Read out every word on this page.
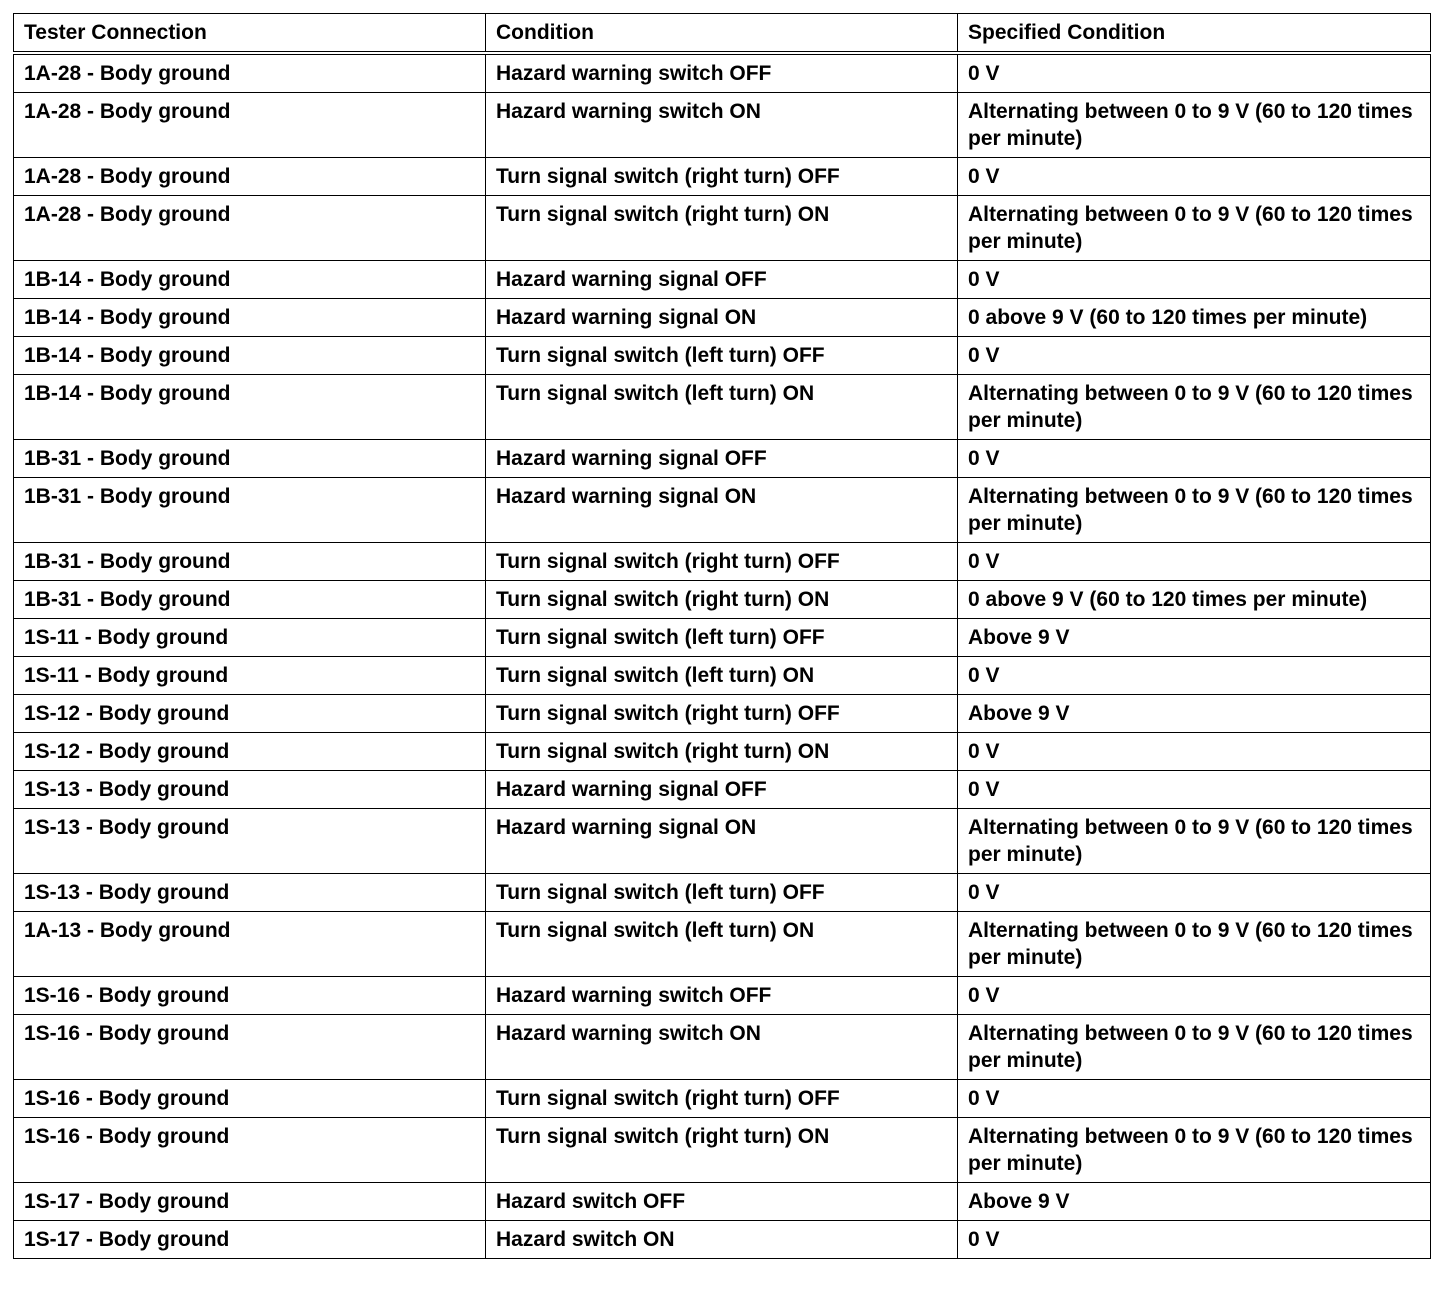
Tester Connection	Condition	Specified Condition
1A-28 - Body ground	Hazard warning switch OFF	0 V
1A-28 - Body ground	Hazard warning switch ON	Alternating between 0 to 9 V (60 to 120 times per minute)
1A-28 - Body ground	Turn signal switch (right turn) OFF	0 V
1A-28 - Body ground	Turn signal switch (right turn) ON	Alternating between 0 to 9 V (60 to 120 times per minute)
1B-14 - Body ground	Hazard warning signal OFF	0 V
1B-14 - Body ground	Hazard warning signal ON	0 above 9 V (60 to 120 times per minute)
1B-14 - Body ground	Turn signal switch (left turn) OFF	0 V
1B-14 - Body ground	Turn signal switch (left turn) ON	Alternating between 0 to 9 V (60 to 120 times per minute)
1B-31 - Body ground	Hazard warning signal OFF	0 V
1B-31 - Body ground	Hazard warning signal ON	Alternating between 0 to 9 V (60 to 120 times per minute)
1B-31 - Body ground	Turn signal switch (right turn) OFF	0 V
1B-31 - Body ground	Turn signal switch (right turn) ON	0 above 9 V (60 to 120 times per minute)
1S-11 - Body ground	Turn signal switch (left turn) OFF	Above 9 V
1S-11 - Body ground	Turn signal switch (left turn) ON	0 V
1S-12 - Body ground	Turn signal switch (right turn) OFF	Above 9 V
1S-12 - Body ground	Turn signal switch (right turn) ON	0 V
1S-13 - Body ground	Hazard warning signal OFF	0 V
1S-13 - Body ground	Hazard warning signal ON	Alternating between 0 to 9 V (60 to 120 times per minute)
1S-13 - Body ground	Turn signal switch (left turn) OFF	0 V
1A-13 - Body ground	Turn signal switch (left turn) ON	Alternating between 0 to 9 V (60 to 120 times per minute)
1S-16 - Body ground	Hazard warning switch OFF	0 V
1S-16 - Body ground	Hazard warning switch ON	Alternating between 0 to 9 V (60 to 120 times per minute)
1S-16 - Body ground	Turn signal switch (right turn) OFF	0 V
1S-16 - Body ground	Turn signal switch (right turn) ON	Alternating between 0 to 9 V (60 to 120 times per minute)
1S-17 - Body ground	Hazard switch OFF	Above 9 V
1S-17 - Body ground	Hazard switch ON	0 V
